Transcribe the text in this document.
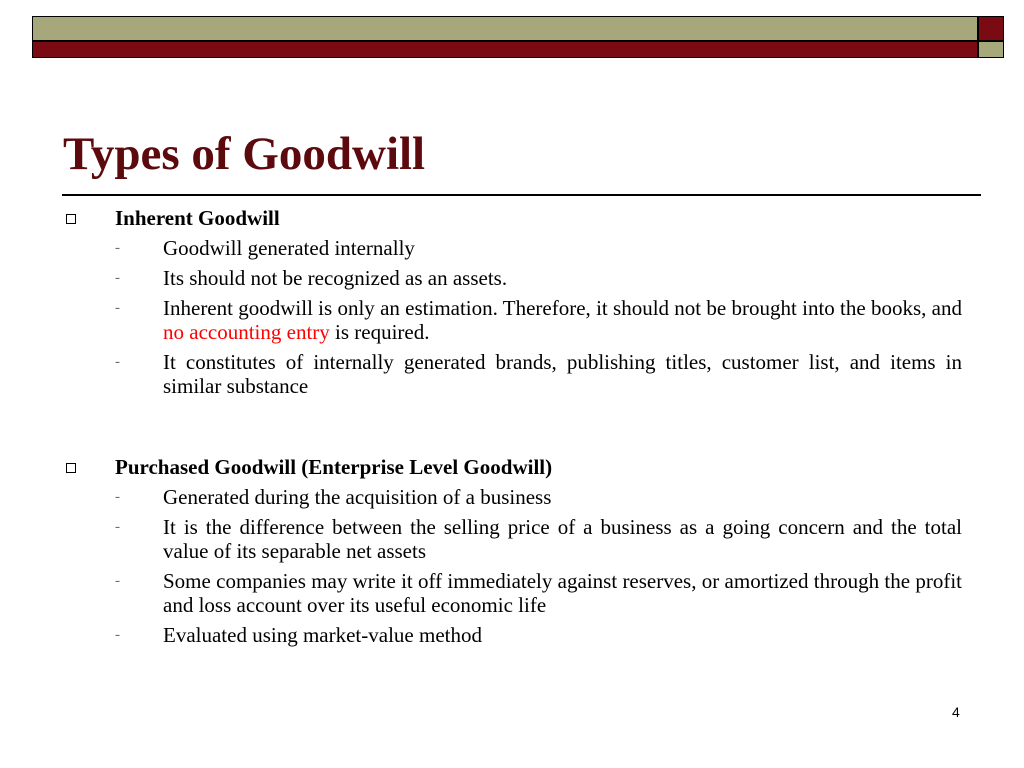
Types of Goodwill
Inherent Goodwill
- Goodwill generated internally
- Its should not be recognized as an assets.
- Inherent goodwill is only an estimation. Therefore, it should not be brought into the books, and no accounting entry is required.
- It constitutes of internally generated brands, publishing titles, customer list, and items in similar substance
Purchased Goodwill (Enterprise Level Goodwill)
- Generated during the acquisition of a business
- It is the difference between the selling price of a business as a going concern and the total value of its separable net assets
- Some companies may write it off immediately against reserves, or amortized through the profit and loss account over its useful economic life
- Evaluated using market-value method
4
